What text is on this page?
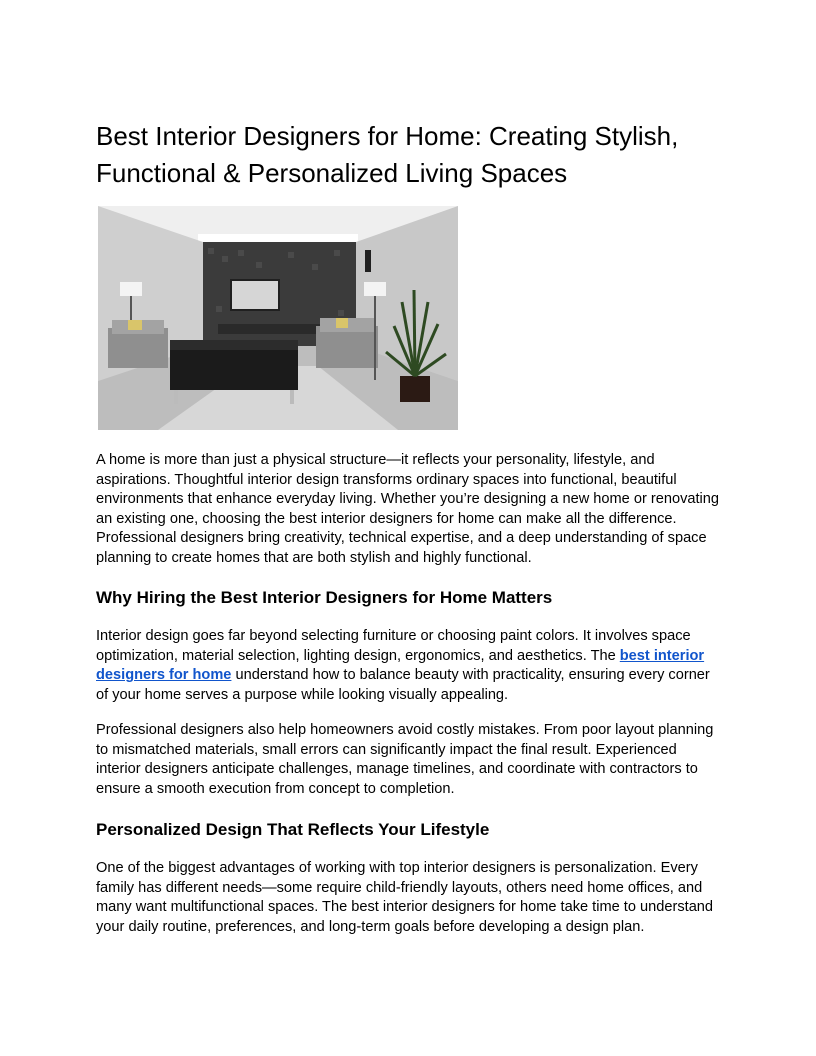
Best Interior Designers for Home: Creating Stylish,
Functional & Personalized Living Spaces

A home is more than just a physical structure—it reflects your personality, lifestyle, and aspirations. Thoughtful interior design transforms ordinary spaces into functional, beautiful environments that enhance everyday living. Whether you’re designing a new home or renovating an existing one, choosing the best interior designers for home can make all the difference. Professional designers bring creativity, technical expertise, and a deep understanding of space planning to create homes that are both stylish and highly functional.

Why Hiring the Best Interior Designers for Home Matters

Interior design goes far beyond selecting furniture or choosing paint colors. It involves space optimization, material selection, lighting design, ergonomics, and aesthetics. The best interior designers for home understand how to balance beauty with practicality, ensuring every corner of your home serves a purpose while looking visually appealing.

Professional designers also help homeowners avoid costly mistakes. From poor layout planning to mismatched materials, small errors can significantly impact the final result. Experienced interior designers anticipate challenges, manage timelines, and coordinate with contractors to ensure a smooth execution from concept to completion.

Personalized Design That Reflects Your Lifestyle

One of the biggest advantages of working with top interior designers is personalization. Every family has different needs—some require child-friendly layouts, others need home offices, and many want multifunctional spaces. The best interior designers for home take time to understand your daily routine, preferences, and long-term goals before developing a design plan.
